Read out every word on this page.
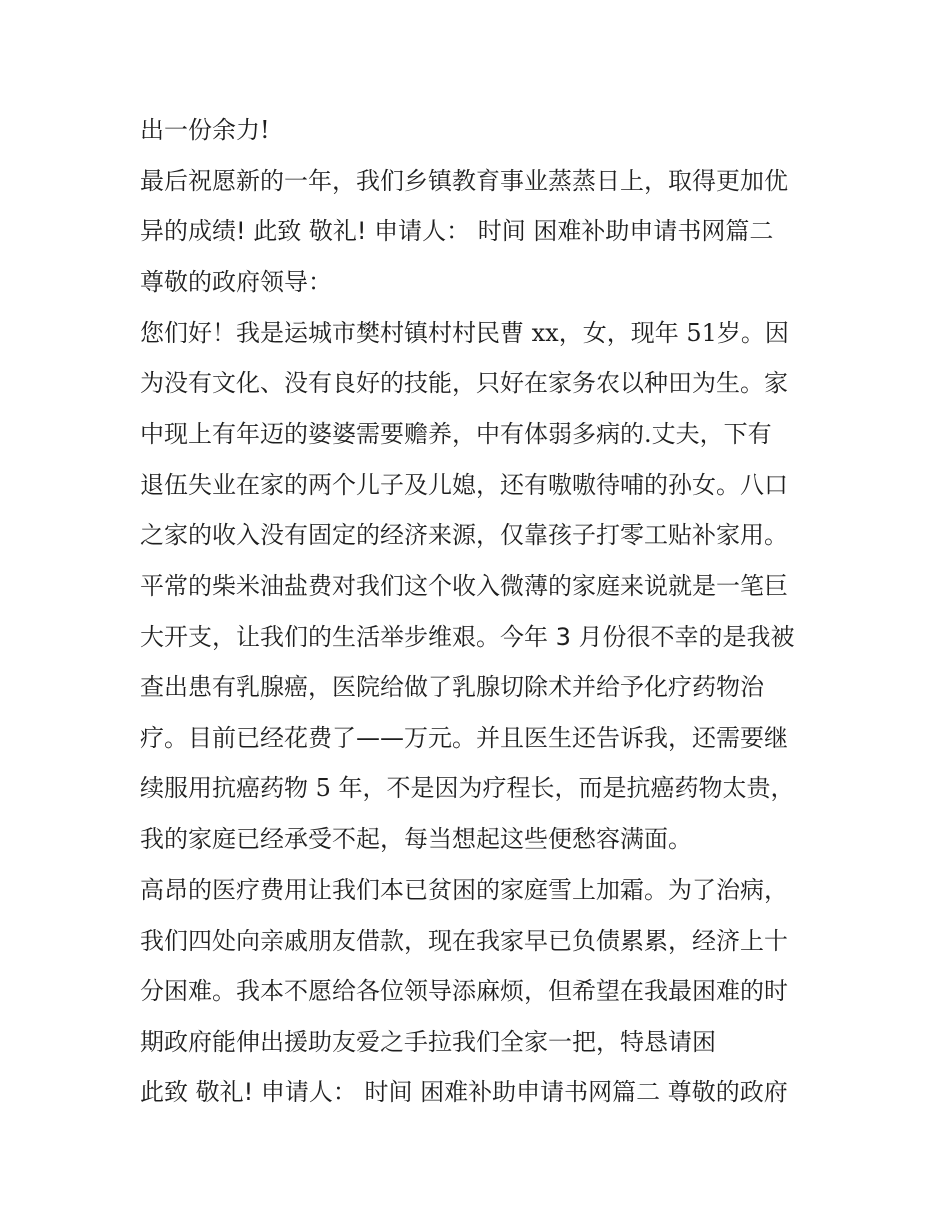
出一份余力!
最后祝愿新的一年，我们乡镇教育事业蒸蒸日上，取得更加优
异的成绩! 此致 敬礼! 申请人： 时间 困难补助申请书网篇二
尊敬的政府领导：
您们好！我是运城市樊村镇村村民曹 xx，女，现年 51岁。因
为没有文化、没有良好的技能，只好在家务农以种田为生。家
中现上有年迈的婆婆需要赡养，中有体弱多病的.丈夫，下有
退伍失业在家的两个儿子及儿媳，还有嗷嗷待哺的孙女。八口
之家的收入没有固定的经济来源，仅靠孩子打零工贴补家用。
平常的柴米油盐费对我们这个收入微薄的家庭来说就是一笔巨
大开支，让我们的生活举步维艰。今年 3 月份很不幸的是我被
查出患有乳腺癌，医院给做了乳腺切除术并给予化疗药物治
疗。目前已经花费了——万元。并且医生还告诉我，还需要继
续服用抗癌药物 5 年，不是因为疗程长，而是抗癌药物太贵，
我的家庭已经承受不起，每当想起这些便愁容满面。
高昂的医疗费用让我们本已贫困的家庭雪上加霜。为了治病，
我们四处向亲戚朋友借款，现在我家早已负债累累，经济上十
分困难。我本不愿给各位领导添麻烦，但希望在我最困难的时
期政府能伸出援助友爱之手拉我们全家一把，特恳请困
此致 敬礼! 申请人： 时间 困难补助申请书网篇二 尊敬的政府
